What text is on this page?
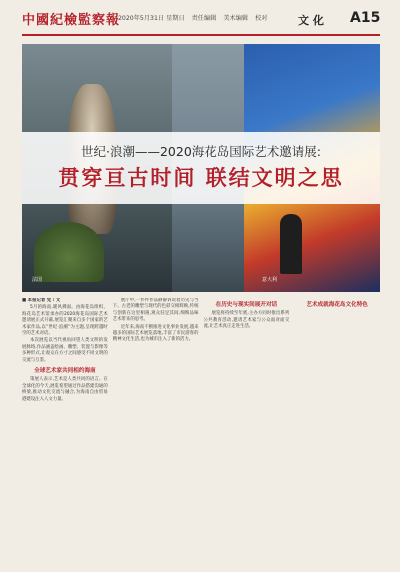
中國紀檢監察報
2020年5月31日 星期日 责任编辑 美术编辑 校对	文 化 A15
世纪·浪潮——2020海花岛国际艺术邀请展:
贯穿亘古时间 联结文明之思
法国	意大利

■ 本报记者 党 / 文

5月的海南,暖风拂面。由海花岛组织、海花岛艺术馆承办的2020海花岛国际艺术邀请展正式开幕,展览汇聚来自多个国家的艺术家作品,以“世纪·浪潮”为主题,呈现跨越时空的艺术对话。

本次展览以当代视角回望人类文明的发展脉络,作品涵盖绘画、雕塑、装置与影像等多种形式,让观众在方寸之间感受不同文明的交流与互鉴。

全球艺术家共同相约海南

策展人表示,艺术是人类共同的语言。在全球化的今天,展览希望通过作品搭建沟通的桥梁,推动文化交流与融合,为海南自由贸易港建设注入人文力量。

展厅中,一件件作品静静诉说着历史与当下。古老的雕塑与现代的色彩交相辉映,传统与创新在这里相遇,观众驻足其间,细细品味艺术带来的思考。

近年来,海南不断推进文化事业发展,越来越多的国际艺术展览落地,丰富了市民游客的精神文化生活,也为城市注入了新的活力。

在历史与现实间展开对话

展览将持续至年底,主办方同时推出系列公共教育活动,邀请艺术家与公众面对面交流,让艺术真正走进生活。

艺术成就海花岛文化特色
